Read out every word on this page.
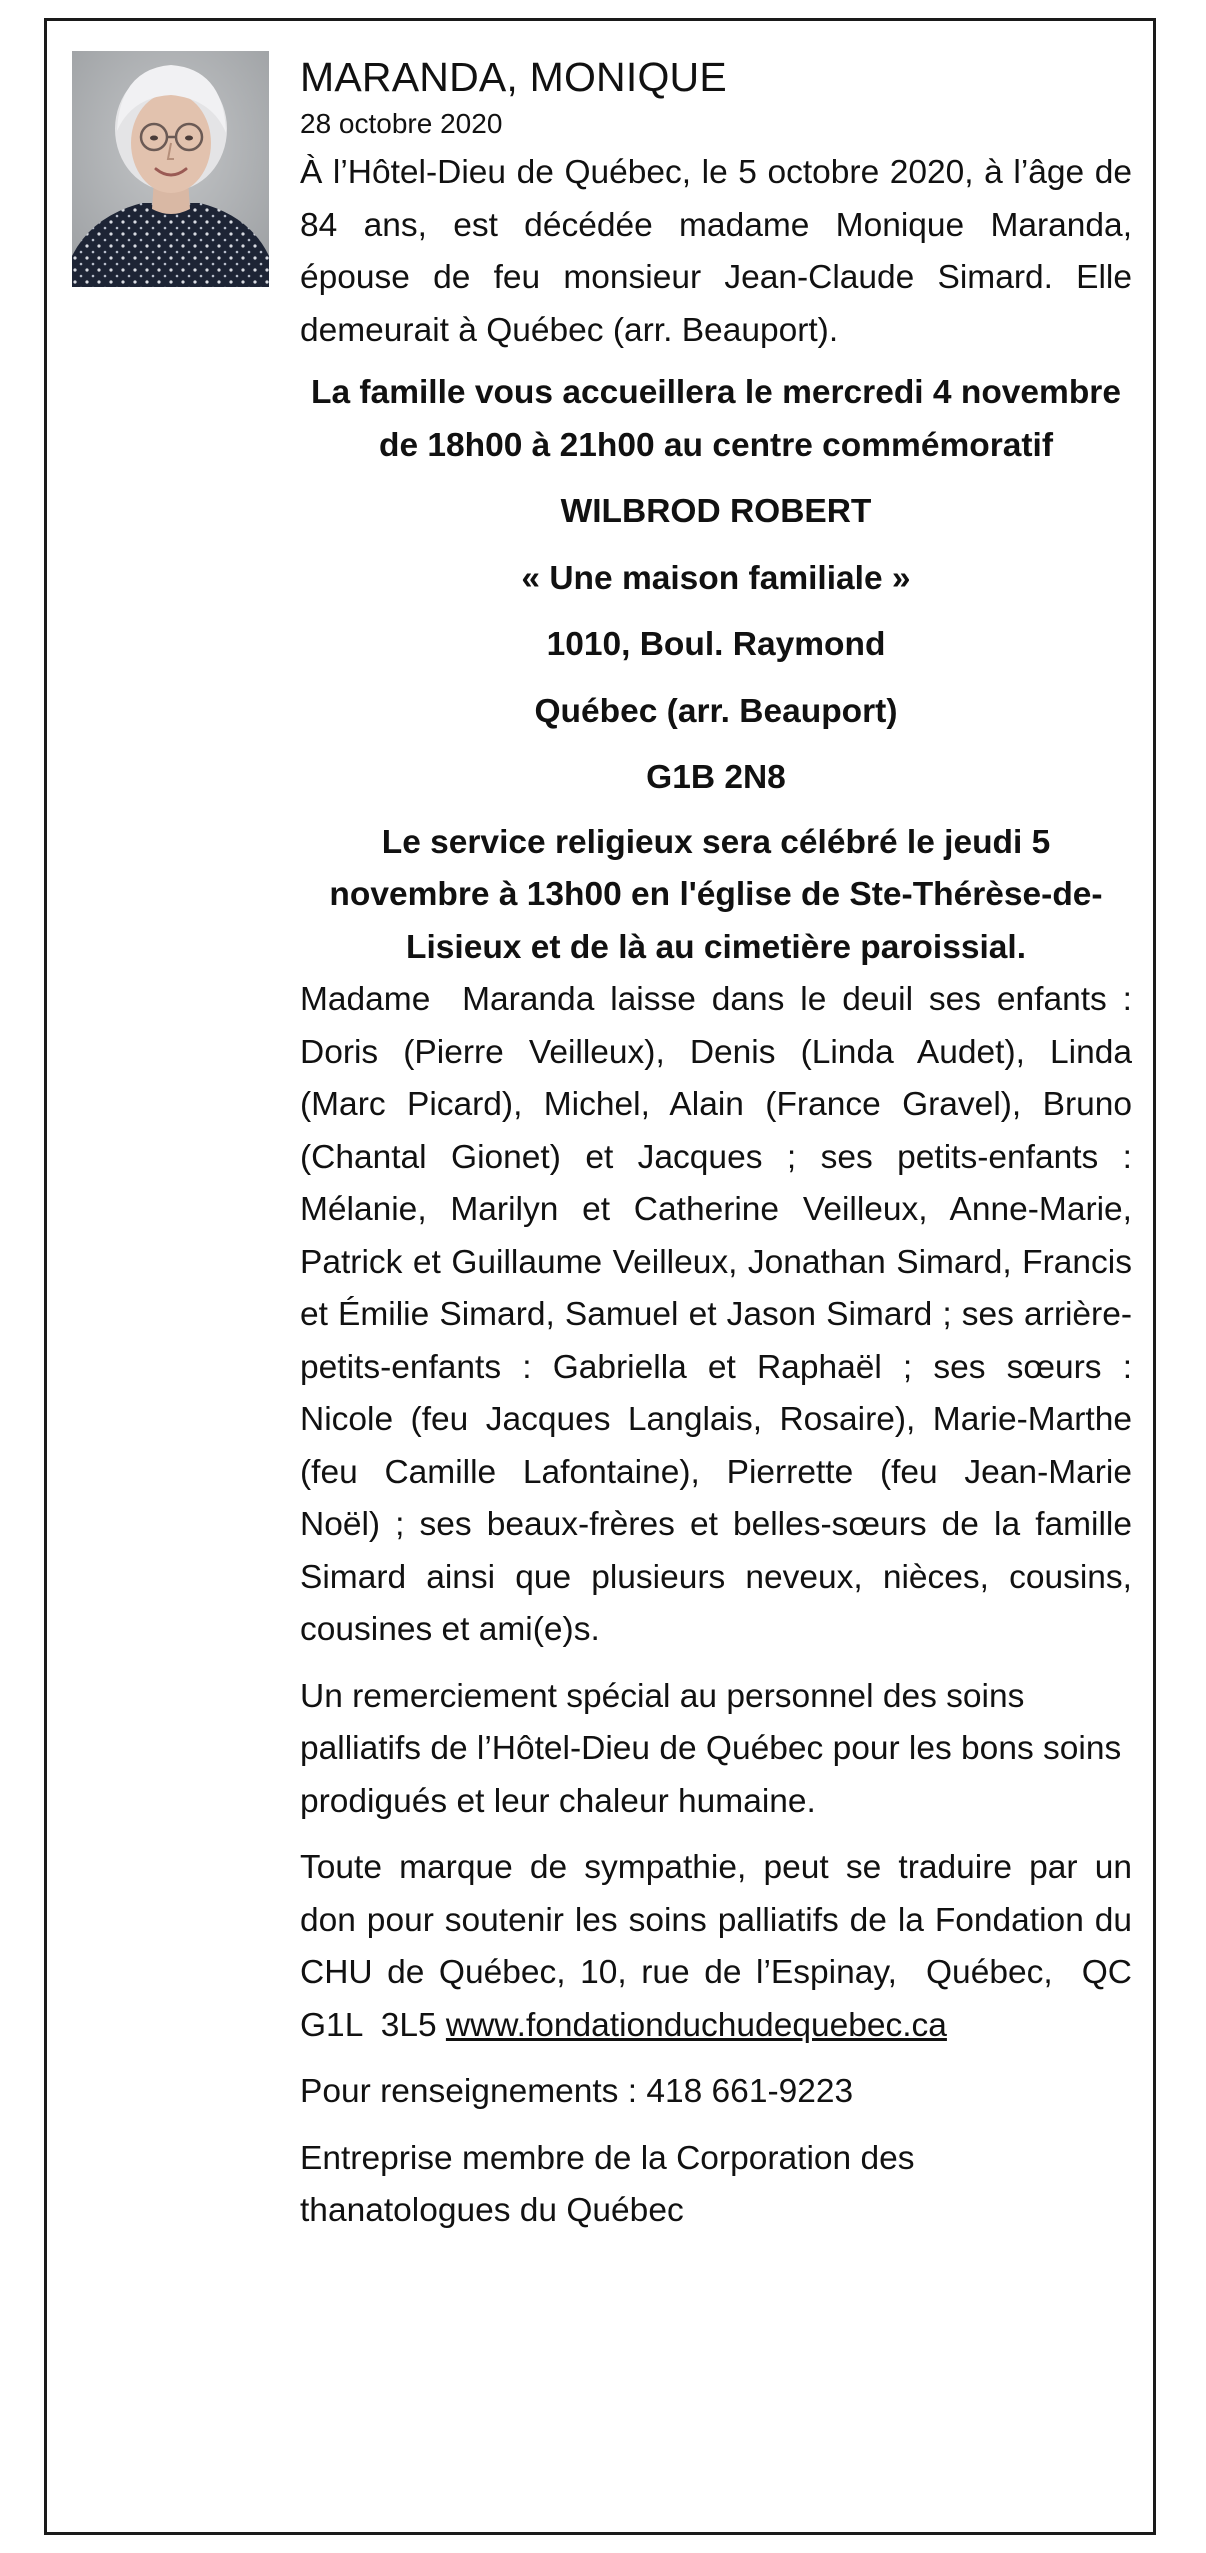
MARANDA, MONIQUE
28 octobre 2020

À l’Hôtel-Dieu de Québec, le 5 octobre 2020, à l’âge de 84 ans, est décédée madame Monique Maranda, épouse de feu monsieur Jean-Claude Simard. Elle demeurait à Québec (arr. Beauport).

La famille vous accueillera le mercredi 4 novembre de 18h00 à 21h00 au centre commémoratif

WILBROD ROBERT

« Une maison familiale »

1010, Boul. Raymond

Québec (arr. Beauport)

G1B 2N8

Le service religieux sera célébré le jeudi 5 novembre à 13h00 en l'église de Ste-Thérèse-de-Lisieux et de là au cimetière paroissial.

Madame  Maranda laisse dans le deuil ses enfants : Doris (Pierre Veilleux), Denis (Linda Audet), Linda (Marc Picard), Michel, Alain (France Gravel), Bruno (Chantal Gionet) et Jacques ; ses petits-enfants : Mélanie, Marilyn et Catherine Veilleux, Anne-Marie, Patrick et Guillaume Veilleux, Jonathan Simard, Francis et Émilie Simard, Samuel et Jason Simard ; ses arrière-petits-enfants : Gabriella et Raphaël ; ses sœurs : Nicole (feu Jacques Langlais, Rosaire), Marie-Marthe (feu Camille Lafontaine), Pierrette (feu Jean-Marie Noël) ; ses beaux-frères et belles-sœurs de la famille Simard ainsi que plusieurs neveux, nièces, cousins, cousines et ami(e)s.

Un remerciement spécial au personnel des soins palliatifs de l’Hôtel-Dieu de Québec pour les bons soins prodigués et leur chaleur humaine.

Toute marque de sympathie, peut se traduire par un don pour soutenir les soins palliatifs de la Fondation du CHU de Québec, 10, rue de l’Espinay,  Québec,  QC  G1L  3L5 www.fondationduchudequebec.ca

Pour renseignements : 418 661-9223

Entreprise membre de la Corporation des thanatologues du Québec
